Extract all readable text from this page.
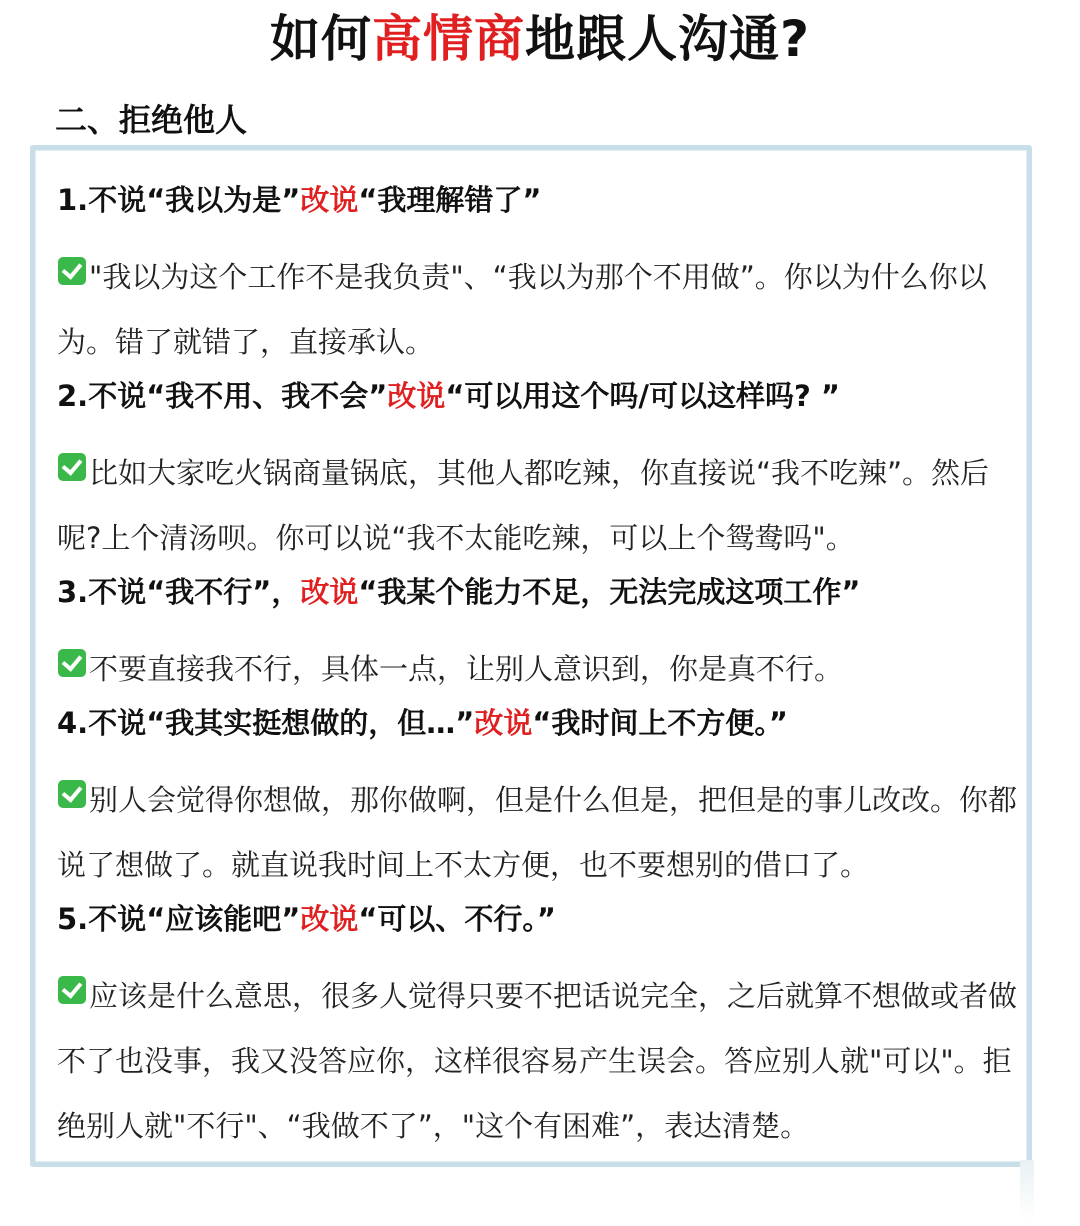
如何高情商地跟人沟通?
二、拒绝他人
1.不说“我以为是”改说“我理解错了”
"我以为这个工作不是我负责"、“我以为那个不用做”。你以为什么你以为。错了就错了，直接承认。
2.不说“我不用、我不会”改说“可以用这个吗/可以这样吗? ”
比如大家吃火锅商量锅底，其他人都吃辣，你直接说“我不吃辣”。然后呢?上个清汤呗。你可以说“我不太能吃辣，可以上个鸳鸯吗"。
3.不说“我不行”，改说“我某个能力不足，无法完成这项工作”
不要直接我不行，具体一点，让别人意识到，你是真不行。
4.不说“我其实挺想做的，但…”改说“我时间上不方便。”
别人会觉得你想做，那你做啊，但是什么但是，把但是的事儿改改。你都说了想做了。就直说我时间上不太方便，也不要想别的借口了。
5.不说“应该能吧”改说“可以、不行。”
应该是什么意思，很多人觉得只要不把话说完全，之后就算不想做或者做不了也没事，我又没答应你，这样很容易产生误会。答应别人就"可以"。拒绝别人就"不行"、“我做不了”，"这个有困难”，表达清楚。
